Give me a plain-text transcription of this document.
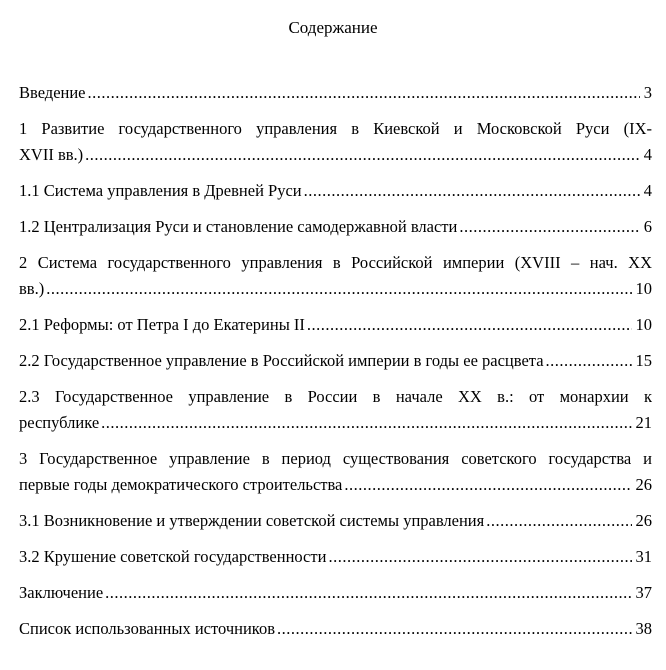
Содержание
Введение .....	3
1 Развитие государственного управления в Киевской и Московской Руси (IX-
XVII вв.) .....	4
1.1 Система управления в Древней Руси .....	4
1.2 Централизация Руси и становление самодержавной власти .....	6
2 Система государственного управления в Российской империи (XVIII – нач. XX
вв.) .....	10
2.1 Реформы: от Петра I до Екатерины II .....	10
2.2 Государственное управление в Российской империи в годы ее расцвета .....	15
2.3 Государственное управление в России в начале XX в.: от монархии к
республике .....	21
3 Государственное управление в период существования советского государства и
первые годы демократического строительства .....	26
3.1 Возникновение и утверждении советской системы управления .....	26
3.2 Крушение советской государственности .....	31
Заключение .....	37
Список использованных источников .....	38
